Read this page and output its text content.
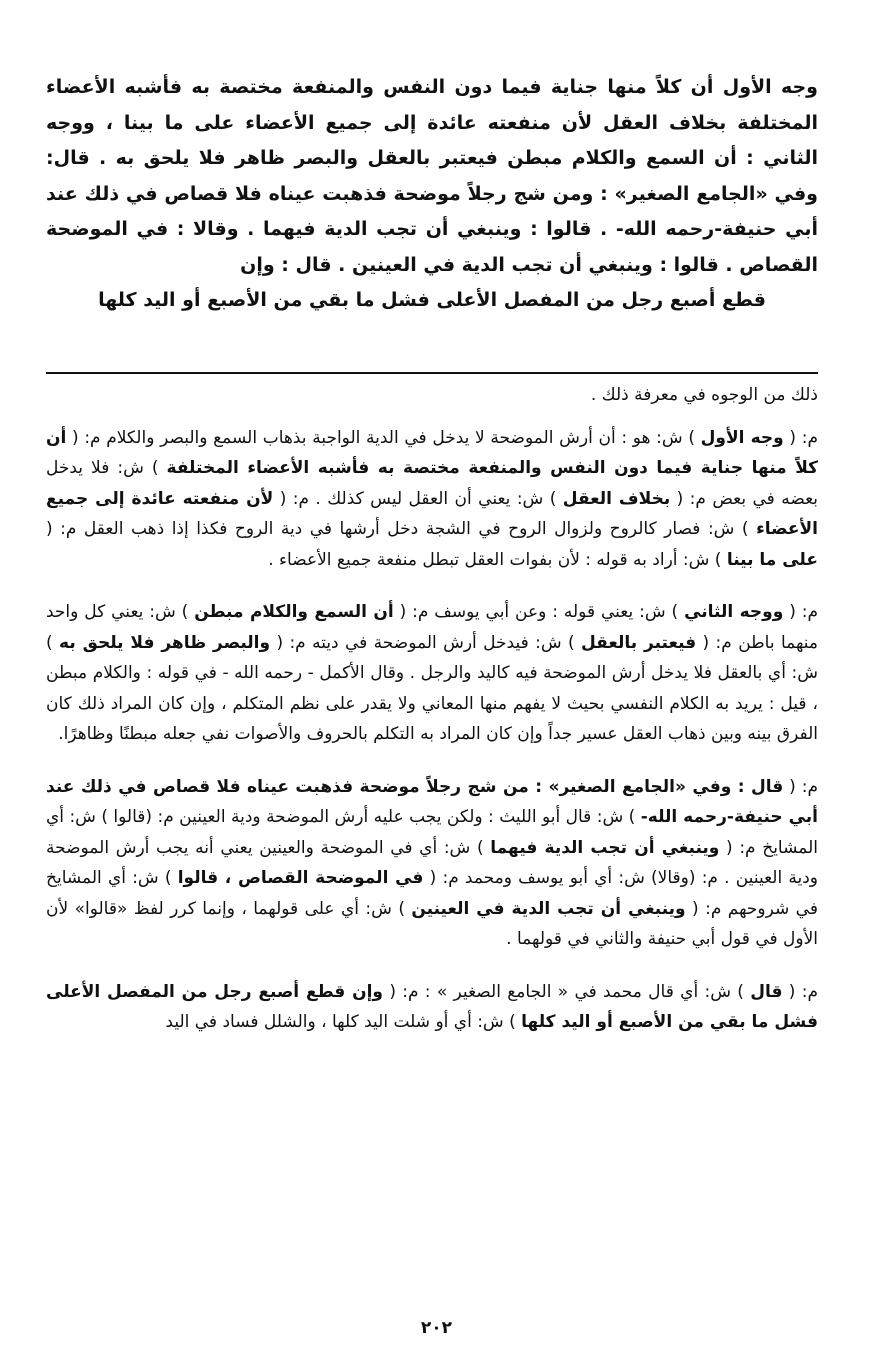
وجه الأول أن كلاً منها جناية فيما دون النفس والمنفعة مختصة به فأشبه الأعضاء المختلفة بخلاف العقل لأن منفعته عائدة إلى جميع الأعضاء على ما بينا ، ووجه الثاني : أن السمع والكلام مبطن فيعتبر بالعقل والبصر ظاهر فلا يلحق به . قال: وفي «الجامع الصغير» : ومن شج رجلاً موضحة فذهبت عيناه فلا قصاص في ذلك عند أبي حنيفة-رحمه الله- . قالوا : وينبغي أن تجب الدية فيهما . وقالا : في الموضحة القصاص . قالوا : وينبغي أن تجب الدية في العينين . قال : وإن
قطع أصبع رجل من المفصل الأعلى فشل ما بقي من الأصبع أو اليد كلها

ذلك من الوجوه في معرفة ذلك .

م: ( وجه الأول ) ش: هو : أن أرش الموضحة لا يدخل في الدية الواجبة بذهاب السمع والبصر والكلام م: ( أن كلاً منها جناية فيما دون النفس والمنفعة مختصة به فأشبه الأعضاء المختلفة ) ش: فلا يدخل بعضه في بعض م: ( بخلاف العقل ) ش: يعني أن العقل ليس كذلك . م: ( لأن منفعته عائدة إلى جميع الأعضاء ) ش: فصار كالروح ولزوال الروح في الشجة دخل أرشها في دية الروح فكذا إذا ذهب العقل م: ( على ما بينا ) ش: أراد به قوله : لأن بفوات العقل تبطل منفعة جميع الأعضاء .

م: ( ووجه الثاني ) ش: يعني قوله : وعن أبي يوسف م: ( أن السمع والكلام مبطن ) ش: يعني كل واحد منهما باطن م: ( فيعتبر بالعقل ) ش: فيدخل أرش الموضحة في ديته م: ( والبصر ظاهر فلا يلحق به ) ش: أي بالعقل فلا يدخل أرش الموضحة فيه كاليد والرجل . وقال الأكمل - رحمه الله - في قوله : والكلام مبطن ، قيل : يريد به الكلام النفسي بحيث لا يفهم منها المعاني ولا يقدر على نظم المتكلم ، وإن كان المراد ذلك كان الفرق بينه وبين ذهاب العقل عسير جداً وإن كان المراد به التكلم بالحروف والأصوات نفي جعله مبطنًا وظاهرًا.

م: ( قال : وفي «الجامع الصغير» : من شج رجلاً موضحة فذهبت عيناه فلا قصاص في ذلك عند أبي حنيفة-رحمه الله- ) ش: قال أبو الليث : ولكن يجب عليه أرش الموضحة ودية العينين م: (قالوا ) ش: أي المشايخ م: ( وينبغي أن تجب الدية فيهما ) ش: أي في الموضحة والعينين يعني أنه يجب أرش الموضحة ودية العينين . م: (وقالا) ش: أي أبو يوسف ومحمد م: ( في الموضحة القصاص ، قالوا ) ش: أي المشايخ في شروحهم م: ( وينبغي أن تجب الدية في العينين ) ش: أي على قولهما ، وإنما كرر لفظ «قالوا» لأن الأول في قول أبي حنيفة والثاني في قولهما .

م: ( قال ) ش: أي قال محمد في « الجامع الصغير » : م: ( وإن قطع أصبع رجل من المفصل الأعلى فشل ما بقي من الأصبع أو اليد كلها ) ش: أي أو شلت اليد كلها ، والشلل فساد في اليد

٢٠٢
